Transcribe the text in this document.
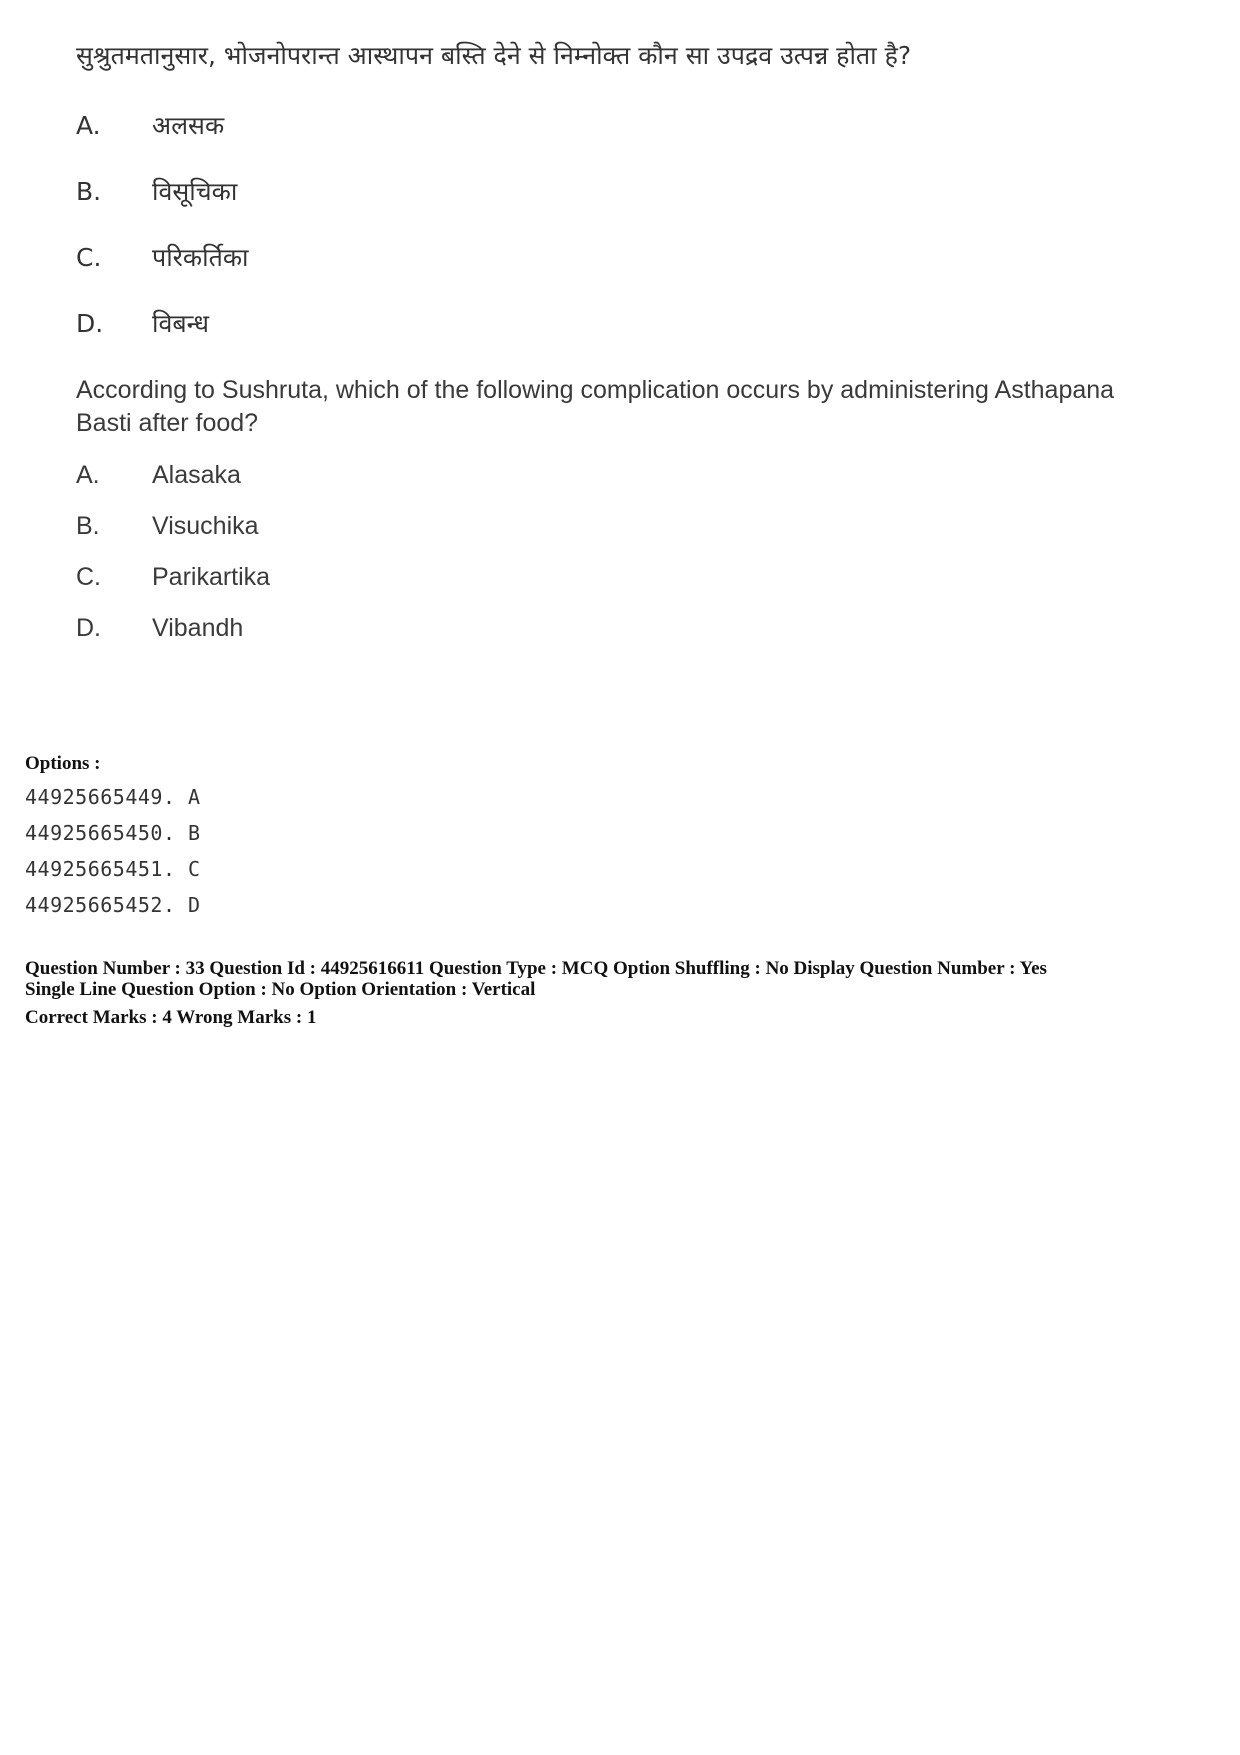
सुश्रुतमतानुसार, भोजनोपरान्त आस्थापन बस्ति देने से निम्नोक्त कौन सा उपद्रव उत्पन्न होता है?

A.	अलसक
B.	विसूचिका
C.	परिकर्तिका
D.	विबन्ध

According to Sushruta, which of the following complication occurs by administering Asthapana Basti after food?

A.	Alasaka
B.	Visuchika
C.	Parikartika
D.	Vibandh

Options :

44925665449. A
44925665450. B
44925665451. C
44925665452. D

Question Number : 33 Question Id : 44925616611 Question Type : MCQ Option Shuffling : No Display Question Number : Yes

Single Line Question Option : No Option Orientation : Vertical

Correct Marks : 4 Wrong Marks : 1
